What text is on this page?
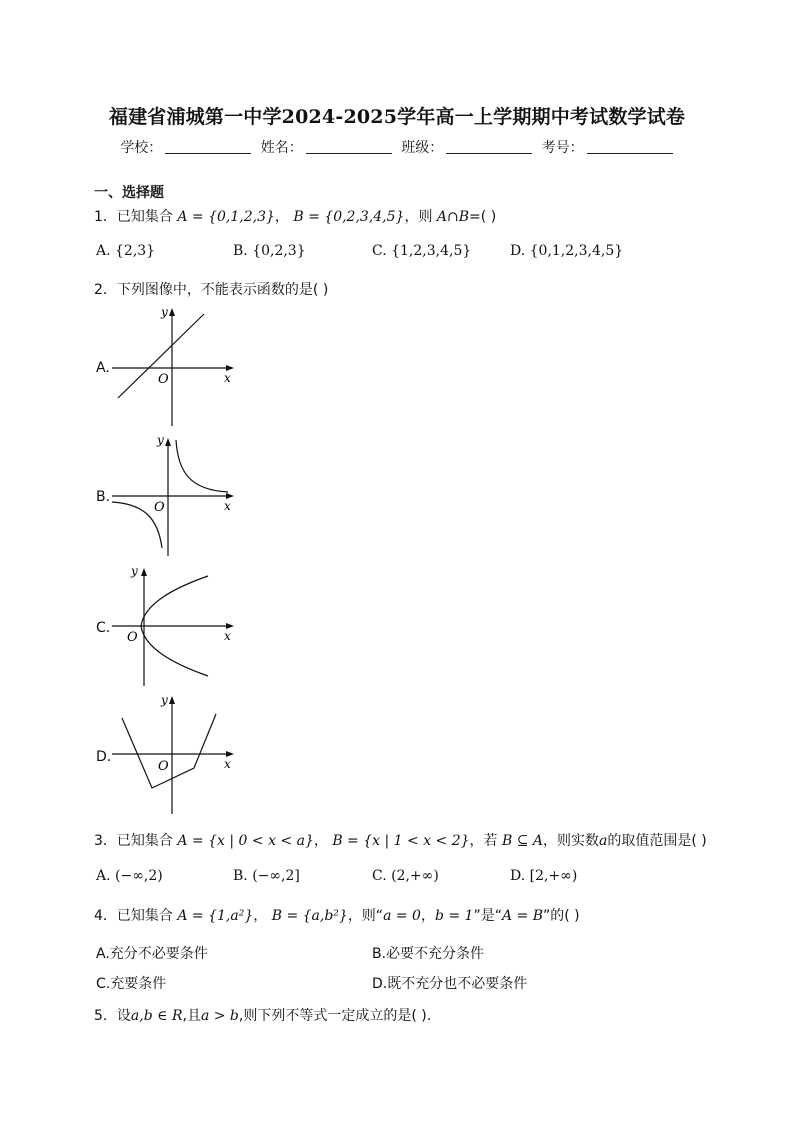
福建省浦城第一中学2024-2025学年高一上学期期中考试数学试卷
学校：	姓名：	班级：	考号：
一、选择题
1．已知集合 A = {0,1,2,3}， B = {0,2,3,4,5}，则 A∩B=( )
A. {2,3}	B. {0,2,3}	C. {1,2,3,4,5}	D. {0,1,2,3,4,5}
2．下列图像中，不能表示函数的是( )
A.
y
x
O
B.
y
x
O
C.
y
x
O
D.
y
x
O
3．已知集合 A = {x | 0 < x < a}， B = {x | 1 < x < 2}，若 B ⊆ A，则实数a的取值范围是( )
A. (−∞,2)	B. (−∞,2]	C. (2,+∞)	D. [2,+∞)
4．已知集合 A = {1,a²}， B = {a,b²}，则“a = 0，b = 1”是“A = B”的( )
A.充分不必要条件	B.必要不充分条件
C.充要条件	D.既不充分也不必要条件
5．设a,b ∈ R,且a > b,则下列不等式一定成立的是( ).
